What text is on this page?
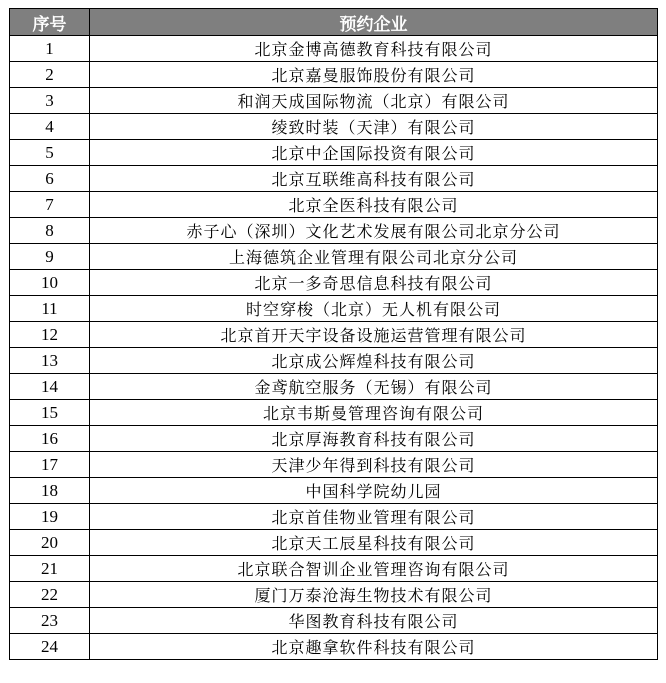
序号	预约企业
1	北京金博高德教育科技有限公司
2	北京嘉曼服饰股份有限公司
3	和润天成国际物流（北京）有限公司
4	绫致时装（天津）有限公司
5	北京中企国际投资有限公司
6	北京互联维高科技有限公司
7	北京全医科技有限公司
8	赤子心（深圳）文化艺术发展有限公司北京分公司
9	上海德筑企业管理有限公司北京分公司
10	北京一多奇思信息科技有限公司
11	时空穿梭（北京）无人机有限公司
12	北京首开天宇设备设施运营管理有限公司
13	北京成公辉煌科技有限公司
14	金鸢航空服务（无锡）有限公司
15	北京韦斯曼管理咨询有限公司
16	北京厚海教育科技有限公司
17	天津少年得到科技有限公司
18	中国科学院幼儿园
19	北京首佳物业管理有限公司
20	北京天工辰星科技有限公司
21	北京联合智训企业管理咨询有限公司
22	厦门万泰沧海生物技术有限公司
23	华图教育科技有限公司
24	北京趣拿软件科技有限公司
